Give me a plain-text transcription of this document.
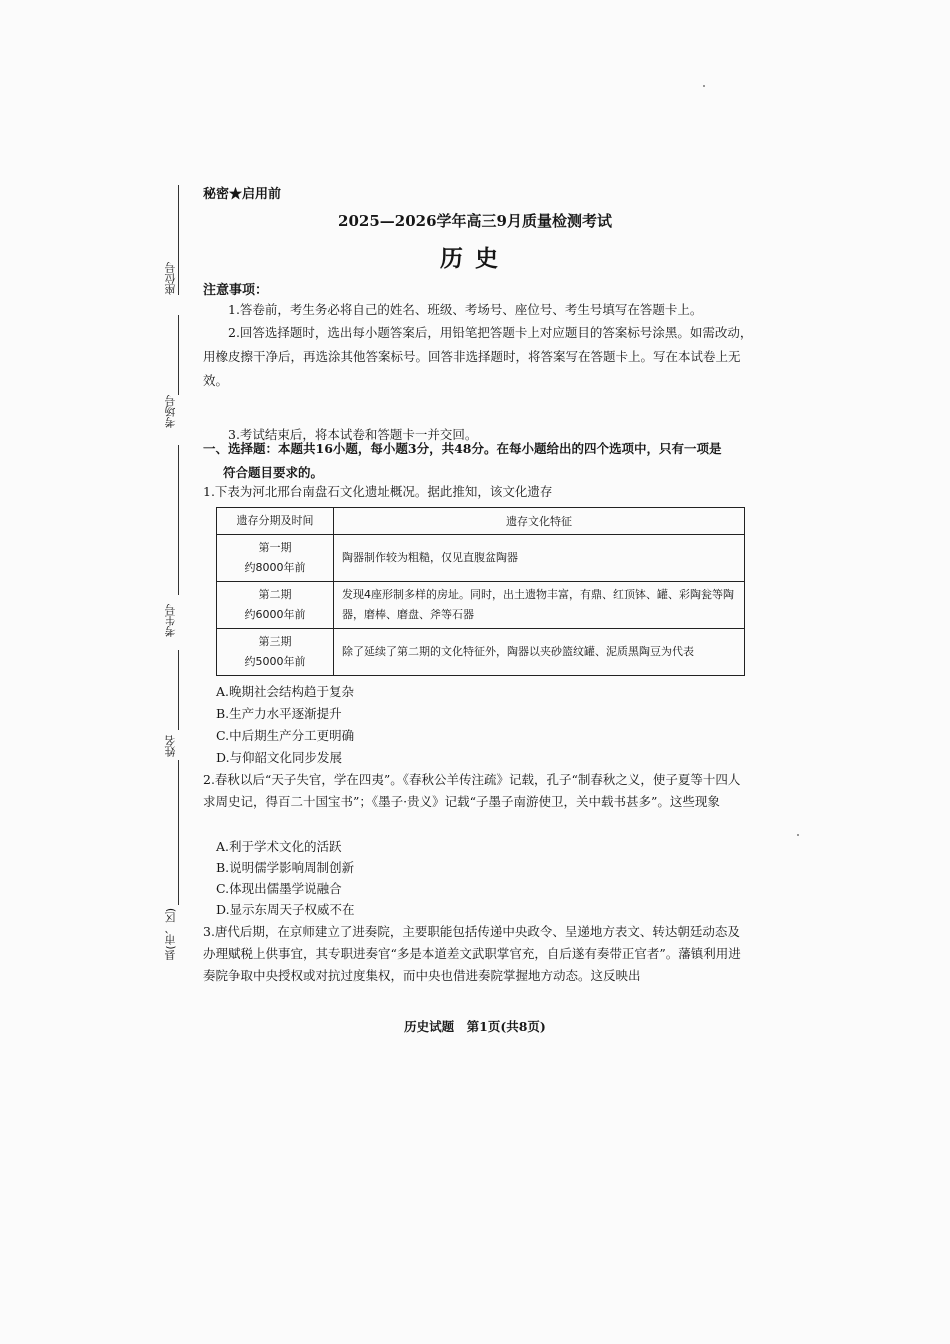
座位号
考场号
考生号
姓名
县(市、区)
秘密★启用前
2025—2026学年高三9月质量检测考试
历史
注意事项：
1.答卷前，考生务必将自己的姓名、班级、考场号、座位号、考生号填写在答题卡上。
2.回答选择题时，选出每小题答案后，用铅笔把答题卡上对应题目的答案标号涂黑。如需改动，用橡皮擦干净后，再选涂其他答案标号。回答非选择题时，将答案写在答题卡上。写在本试卷上无效。
3.考试结束后，将本试卷和答题卡一并交回。
一、选择题：本题共16小题，每小题3分，共48分。在每小题给出的四个选项中，只有一项是
符合题目要求的。
1.下表为河北邢台南盘石文化遗址概况。据此推知，该文化遗存
遗存分期及时间	遗存文化特征

第一期
约8000年前	陶器制作较为粗糙，仅见直腹盆陶器

第二期
约6000年前	发现4座形制多样的房址。同时，出土遗物丰富，有鼎、红顶钵、罐、彩陶瓮等陶器，磨棒、磨盘、斧等石器

第三期
约5000年前	除了延续了第二期的文化特征外，陶器以夹砂篮纹罐、泥质黑陶豆为代表
A.晚期社会结构趋于复杂
B.生产力水平逐渐提升
C.中后期生产分工更明确
D.与仰韶文化同步发展
2.春秋以后“天子失官，学在四夷”。《春秋公羊传注疏》记载，孔子“制春秋之义，使子夏等十四人求周史记，得百二十国宝书”；《墨子·贵义》记载“子墨子南游使卫，关中载书甚多”。这些现象
A.利于学术文化的活跃
B.说明儒学影响周制创新
C.体现出儒墨学说融合
D.显示东周天子权威不在
3.唐代后期，在京师建立了进奏院，主要职能包括传递中央政令、呈递地方表文、转达朝廷动态及办理赋税上供事宜，其专职进奏官“多是本道差文武职掌官充，自后遂有奏带正官者”。藩镇利用进奏院争取中央授权或对抗过度集权，而中央也借进奏院掌握地方动态。这反映出
历史试题　第1页(共8页)
